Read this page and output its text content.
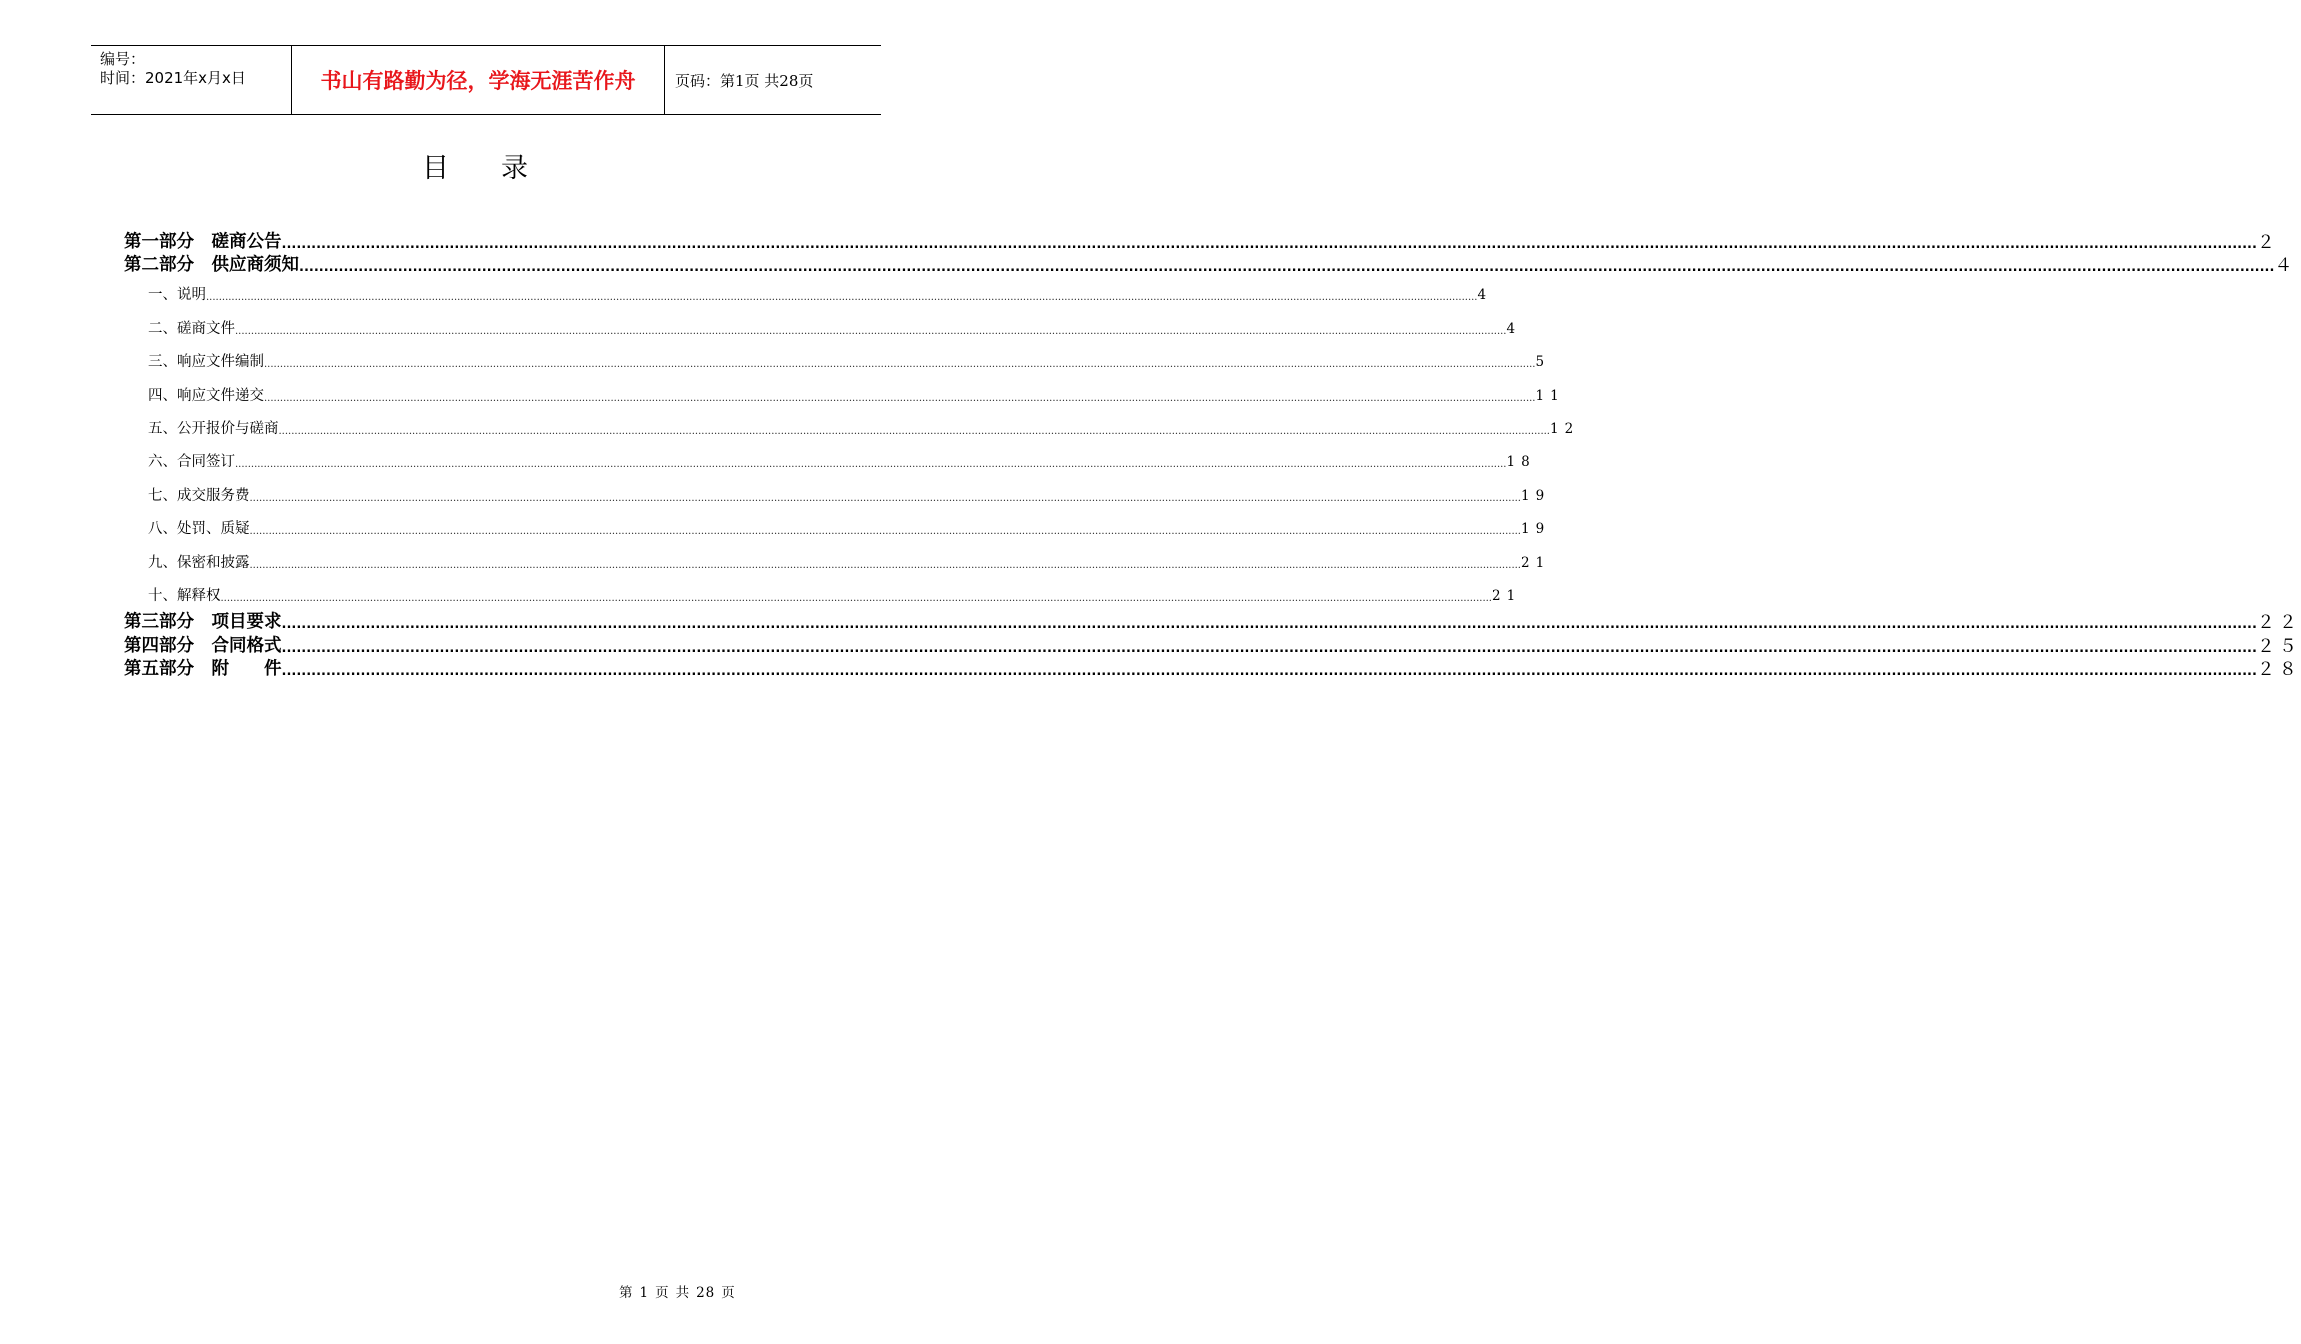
编号：
时间：2021年x月x日	书山有路勤为径，学海无涯苦作舟	页码：第1页 共28页
目 录
第一部分　磋商公告 ................................................................................................................................................................................................................................................................................................................................................................................................................ ２
第二部分　供应商须知 ................................................................................................................................................................................................................................................................................................................................................................................................................ ４
一、说明 ................................................................................................................................................................................................................................................................................................................................................................................................................ 4
二、磋商文件 ................................................................................................................................................................................................................................................................................................................................................................................................................ 4
三、响应文件编制 ................................................................................................................................................................................................................................................................................................................................................................................................................ 5
四、响应文件递交 ................................................................................................................................................................................................................................................................................................................................................................................................................ 11
五、公开报价与磋商 ................................................................................................................................................................................................................................................................................................................................................................................................................ 12
六、合同签订 ................................................................................................................................................................................................................................................................................................................................................................................................................ 18
七、成交服务费 ................................................................................................................................................................................................................................................................................................................................................................................................................ 19
八、处罚、质疑 ................................................................................................................................................................................................................................................................................................................................................................................................................ 19
九、保密和披露 ................................................................................................................................................................................................................................................................................................................................................................................................................ 21
十、解释权 ................................................................................................................................................................................................................................................................................................................................................................................................................ 21
第三部分　项目要求 ................................................................................................................................................................................................................................................................................................................................................................................................................ ２２
第四部分　合同格式 ................................................................................................................................................................................................................................................................................................................................................................................................................ ２５
第五部分　附　　件 ................................................................................................................................................................................................................................................................................................................................................................................................................ ２８
第 1 页 共 28 页
